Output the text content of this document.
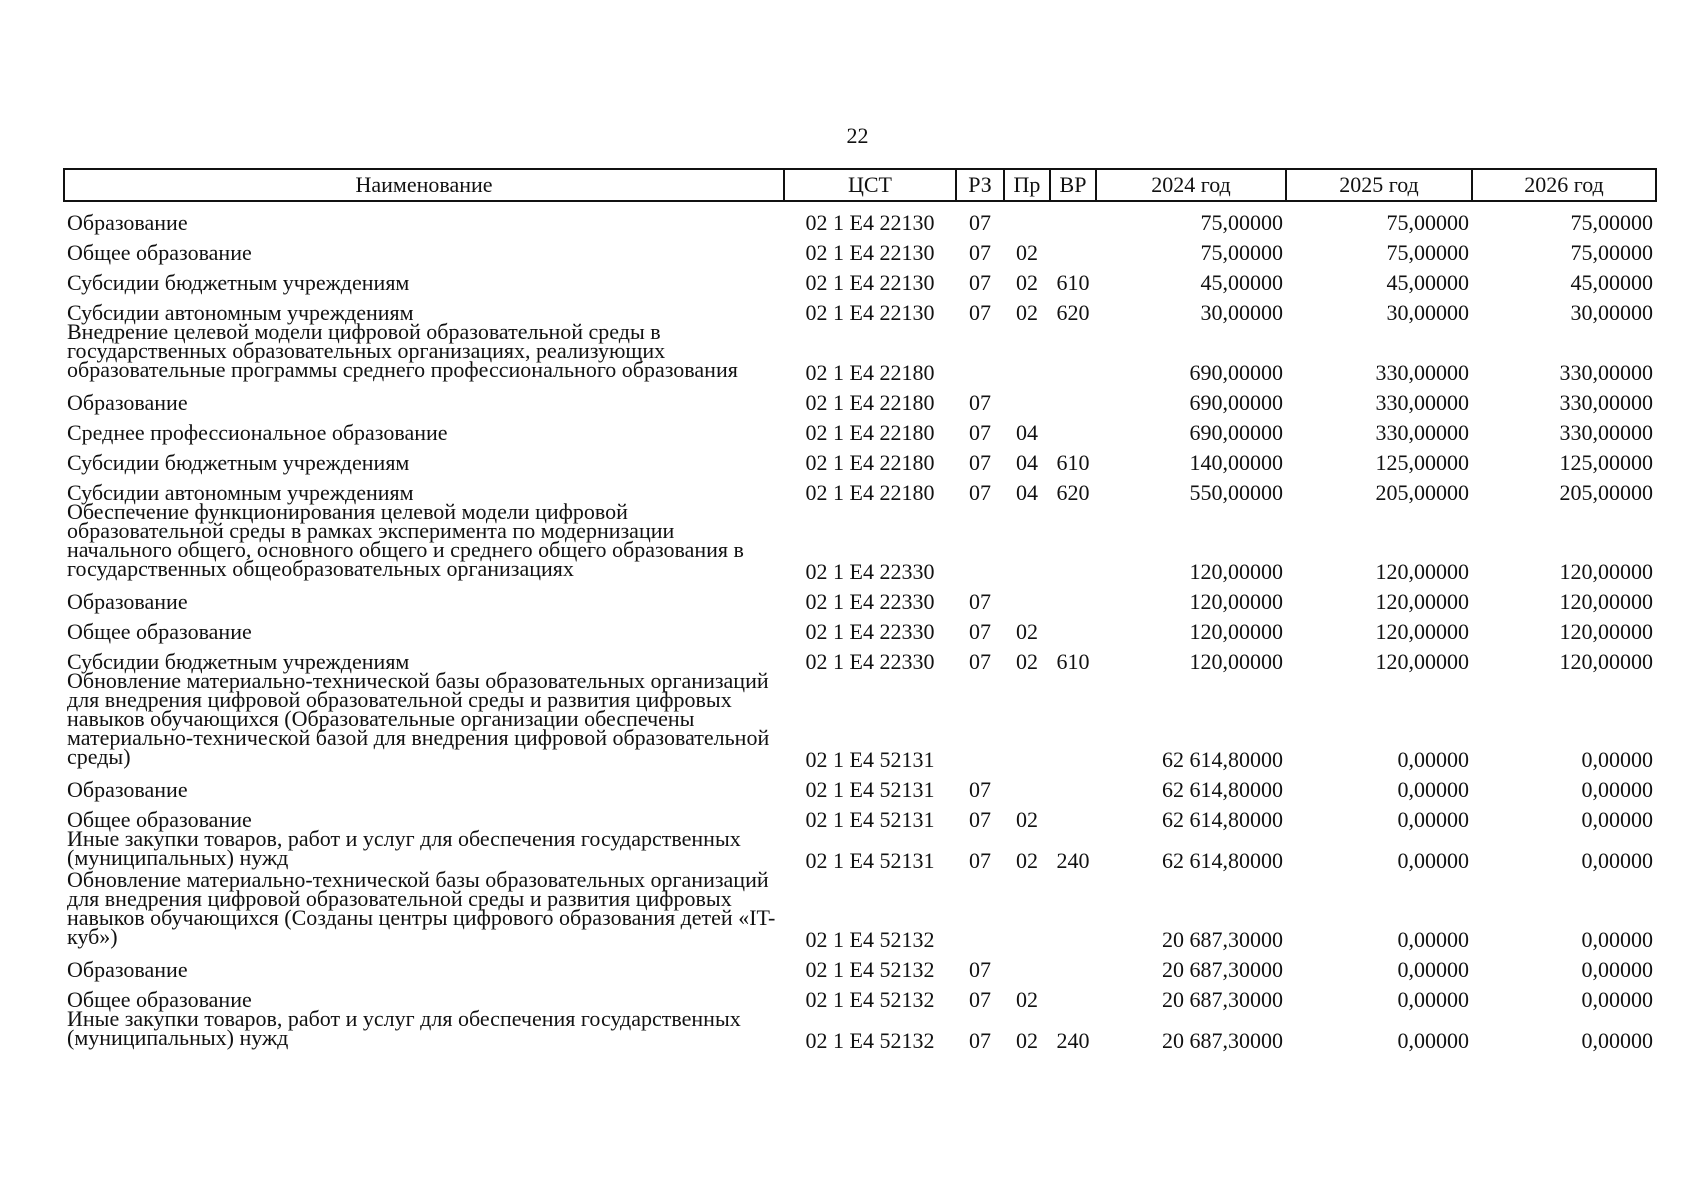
22
Наименование	ЦСТ	РЗ	Пр	ВР	2024 год	2025 год	2026 год
Образование	02 1 Е4 22130	07			75,00000	75,00000	75,00000
Общее образование	02 1 Е4 22130	07	02		75,00000	75,00000	75,00000
Субсидии бюджетным учреждениям	02 1 Е4 22130	07	02	610	45,00000	45,00000	45,00000
Субсидии автономным учреждениям	02 1 Е4 22130	07	02	620	30,00000	30,00000	30,00000
Внедрение целевой модели цифровой образовательной среды в государственных образовательных организациях, реализующих образовательные программы среднего профессионального образования	02 1 Е4 22180				690,00000	330,00000	330,00000
Образование	02 1 Е4 22180	07			690,00000	330,00000	330,00000
Среднее профессиональное образование	02 1 Е4 22180	07	04		690,00000	330,00000	330,00000
Субсидии бюджетным учреждениям	02 1 Е4 22180	07	04	610	140,00000	125,00000	125,00000
Субсидии автономным учреждениям	02 1 Е4 22180	07	04	620	550,00000	205,00000	205,00000
Обеспечение функционирования целевой модели цифровой образовательной среды в рамках эксперимента по модернизации начального общего, основного общего и среднего общего образования в государственных общеобразовательных организациях	02 1 Е4 22330				120,00000	120,00000	120,00000
Образование	02 1 Е4 22330	07			120,00000	120,00000	120,00000
Общее образование	02 1 Е4 22330	07	02		120,00000	120,00000	120,00000
Субсидии бюджетным учреждениям	02 1 Е4 22330	07	02	610	120,00000	120,00000	120,00000
Обновление материально-технической базы образовательных организаций для внедрения цифровой образовательной среды и развития цифровых навыков обучающихся (Образовательные организации обеспечены материально-технической базой для внедрения цифровой образовательной среды)	02 1 Е4 52131				62 614,80000	0,00000	0,00000
Образование	02 1 Е4 52131	07			62 614,80000	0,00000	0,00000
Общее образование	02 1 Е4 52131	07	02		62 614,80000	0,00000	0,00000
Иные закупки товаров, работ и услуг для обеспечения государственных (муниципальных) нужд	02 1 Е4 52131	07	02	240	62 614,80000	0,00000	0,00000
Обновление материально-технической базы образовательных организаций для внедрения цифровой образовательной среды и развития цифровых навыков обучающихся (Созданы центры цифрового образования детей «IT-куб»)	02 1 Е4 52132				20 687,30000	0,00000	0,00000
Образование	02 1 Е4 52132	07			20 687,30000	0,00000	0,00000
Общее образование	02 1 Е4 52132	07	02		20 687,30000	0,00000	0,00000
Иные закупки товаров, работ и услуг для обеспечения государственных (муниципальных) нужд	02 1 Е4 52132	07	02	240	20 687,30000	0,00000	0,00000
